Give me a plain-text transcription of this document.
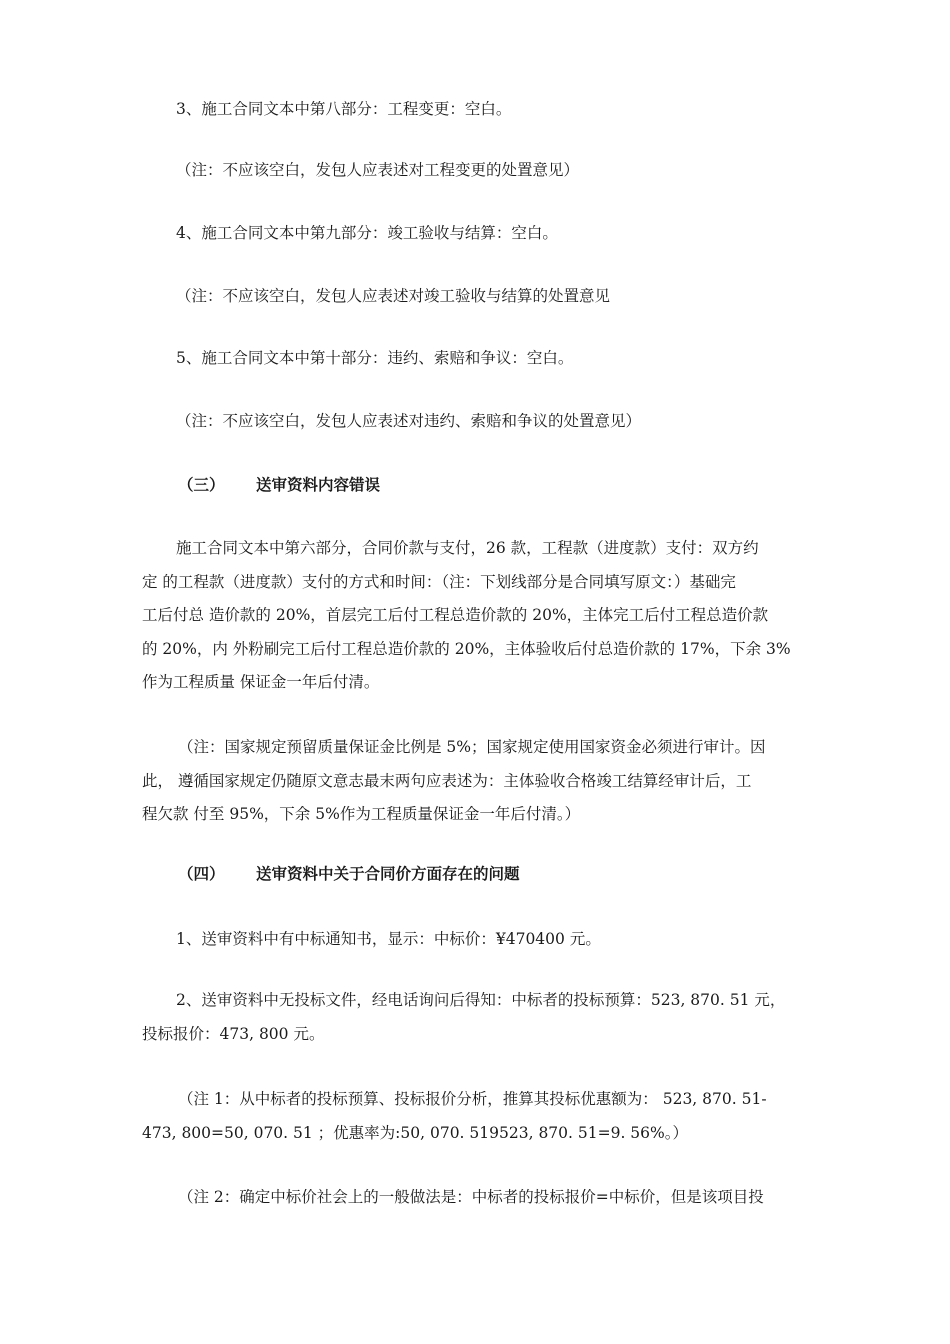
3、施工合同文本中第八部分：工程变更：空白。
（注：不应该空白，发包人应表述对工程变更的处置意见）
4、施工合同文本中第九部分：竣工验收与结算：空白。
（注：不应该空白，发包人应表述对竣工验收与结算的处置意见
5、施工合同文本中第十部分：违约、索赔和争议：空白。
（注：不应该空白，发包人应表述对违约、索赔和争议的处置意见）
（三） 送审资料内容错误
施工合同文本中第六部分，合同价款与支付，26 款，工程款（进度款）支付：双方约
定 的工程款（进度款）支付的方式和时间：（注：下划线部分是合同填写原文：）基础完
工后付总 造价款的 20%，首层完工后付工程总造价款的 20%，主体完工后付工程总造价款
的 20%，内 外粉刷完工后付工程总造价款的 20%，主体验收后付总造价款的 17%，下余 3%
作为工程质量 保证金一年后付清。
（注：国家规定预留质量保证金比例是 5%；国家规定使用国家资金必须进行审计。因
此， 遵循国家规定仍随原文意志最末两句应表述为：主体验收合格竣工结算经审计后，工
程欠款 付至 95%，下余 5%作为工程质量保证金一年后付清。）
（四） 送审资料中关于合同价方面存在的问题
1、送审资料中有中标通知书，显示：中标价：¥470400 元。
2、送审资料中无投标文件，经电话询问后得知：中标者的投标预算：523, 870. 51 元，
投标报价：473, 800 元。
（注 1：从中标者的投标预算、投标报价分析，推算其投标优惠额为： 523, 870. 51-
473, 800=50, 070. 51 ；优惠率为:50, 070. 519523, 870. 51=9. 56%。）
（注 2：确定中标价社会上的一般做法是：中标者的投标报价=中标价，但是该项目投
